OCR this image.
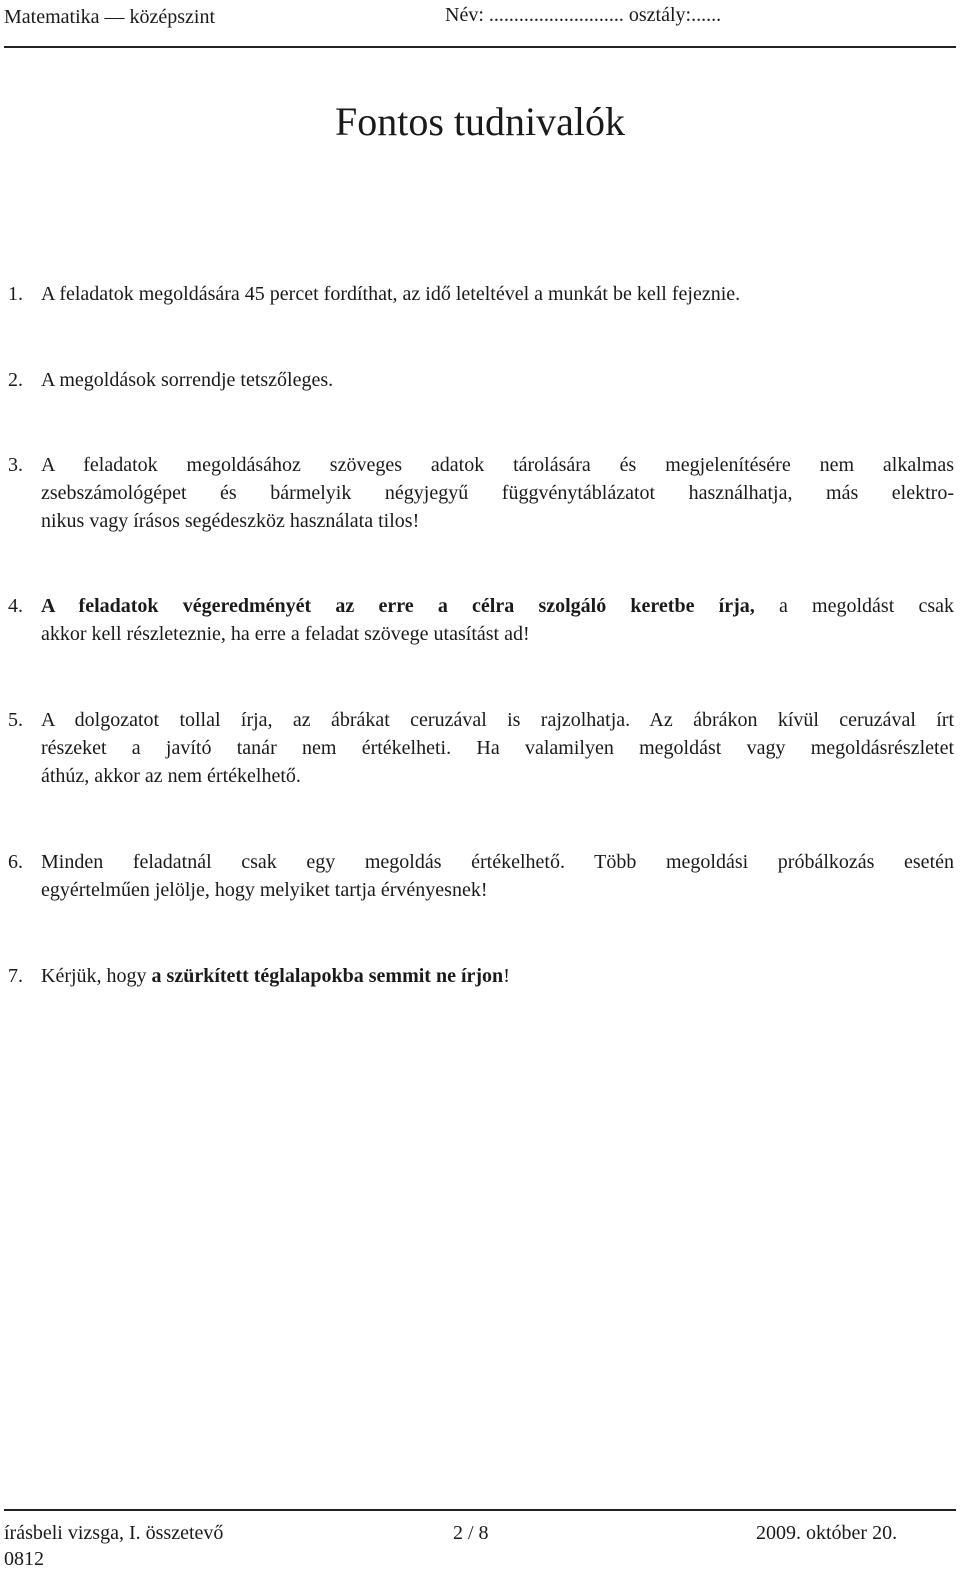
Matematika — középszint	Név: ........................... osztály:......
Fontos tudnivalók
1. A feladatok megoldására 45 percet fordíthat, az idő leteltével a munkát be kell fejeznie.
2. A megoldások sorrendje tetszőleges.
3. A feladatok megoldásához szöveges adatok tárolására és megjelenítésére nem alkalmas
zsebszámológépet és bármelyik négyjegyű függvénytáblázatot használhatja, más elektro-
nikus vagy írásos segédeszköz használata tilos!
4. A feladatok végeredményét az erre a célra szolgáló keretbe írja, a megoldást csak
akkor kell részleteznie, ha erre a feladat szövege utasítást ad!
5. A dolgozatot tollal írja, az ábrákat ceruzával is rajzolhatja. Az ábrákon kívül ceruzával írt
részeket a javító tanár nem értékelheti. Ha valamilyen megoldást vagy megoldásrészletet
áthúz, akkor az nem értékelhető.
6. Minden feladatnál csak egy megoldás értékelhető. Több megoldási próbálkozás esetén
egyértelműen jelölje, hogy melyiket tartja érvényesnek!
7. Kérjük, hogy a szürkített téglalapokba semmit ne írjon!
írásbeli vizsga, I. összetevő	2 / 8	2009. október 20.
0812
